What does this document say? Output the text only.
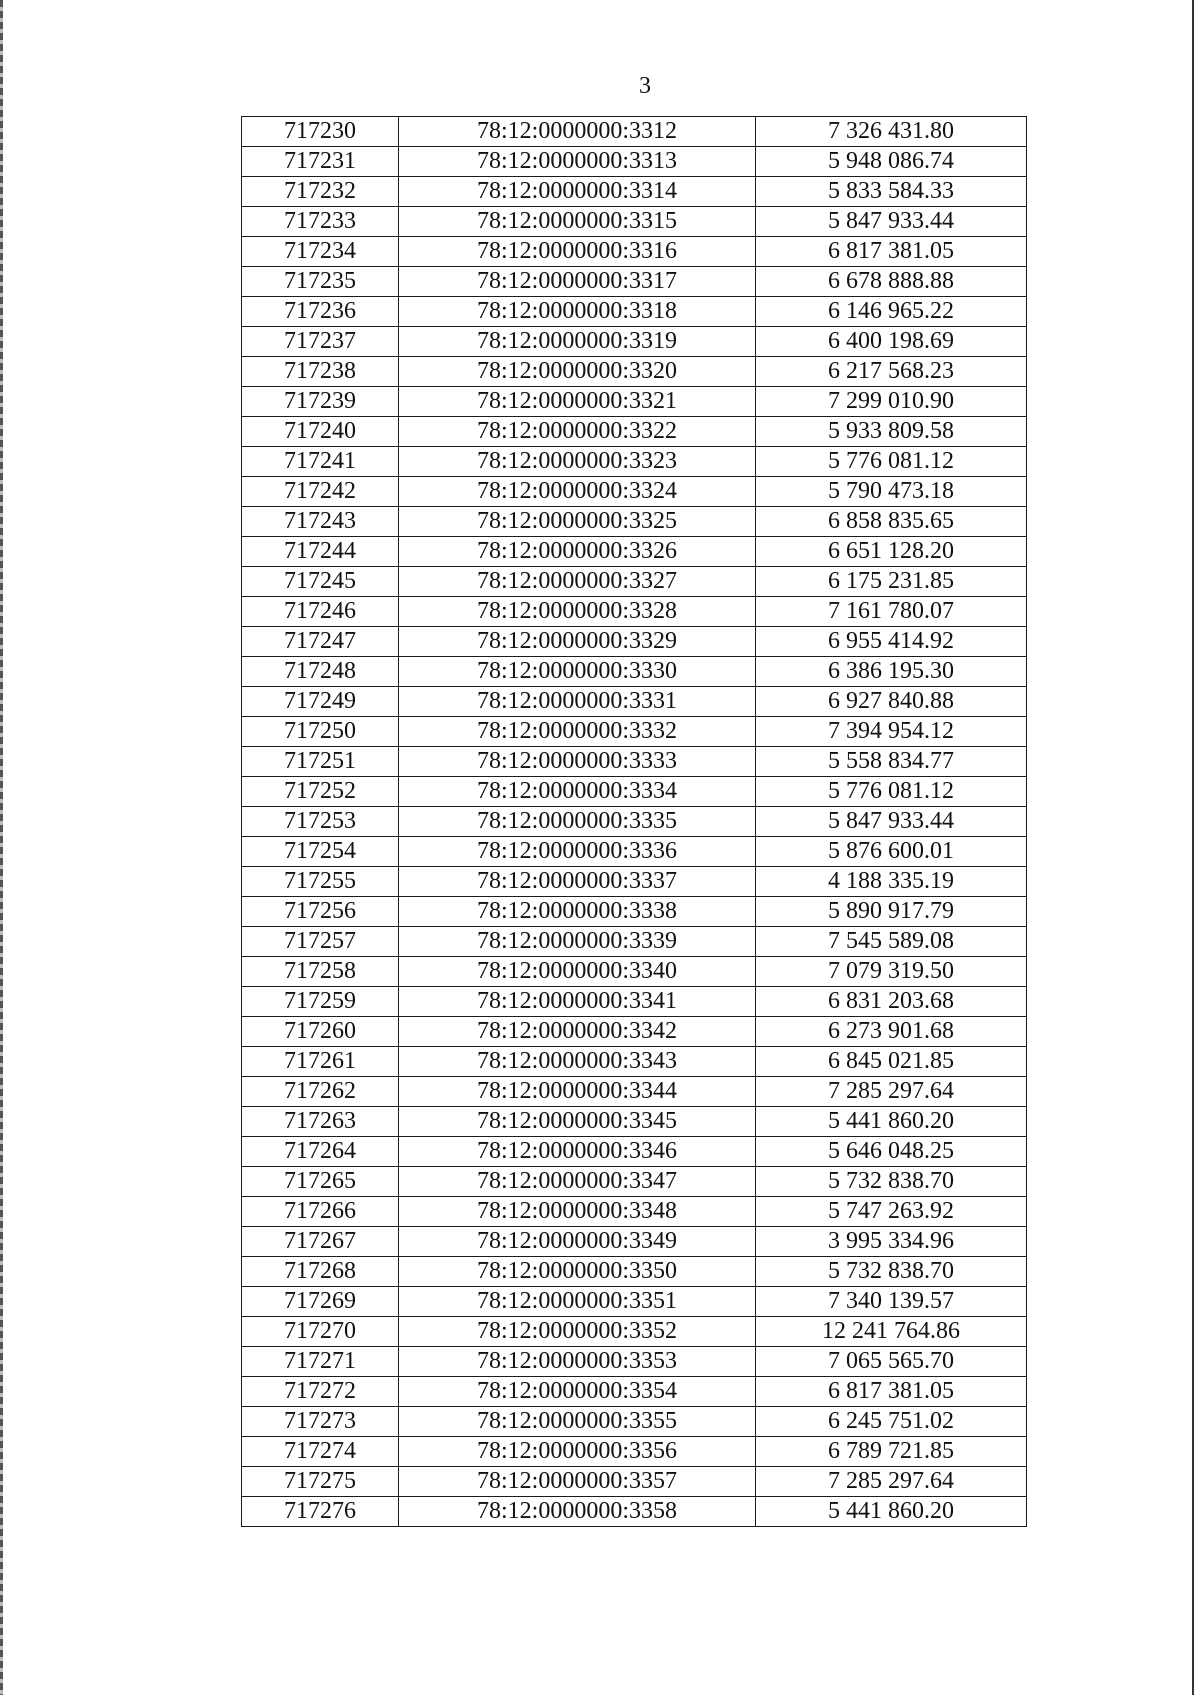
3
717230	78:12:0000000:3312	7 326 431.80
717231	78:12:0000000:3313	5 948 086.74
717232	78:12:0000000:3314	5 833 584.33
717233	78:12:0000000:3315	5 847 933.44
717234	78:12:0000000:3316	6 817 381.05
717235	78:12:0000000:3317	6 678 888.88
717236	78:12:0000000:3318	6 146 965.22
717237	78:12:0000000:3319	6 400 198.69
717238	78:12:0000000:3320	6 217 568.23
717239	78:12:0000000:3321	7 299 010.90
717240	78:12:0000000:3322	5 933 809.58
717241	78:12:0000000:3323	5 776 081.12
717242	78:12:0000000:3324	5 790 473.18
717243	78:12:0000000:3325	6 858 835.65
717244	78:12:0000000:3326	6 651 128.20
717245	78:12:0000000:3327	6 175 231.85
717246	78:12:0000000:3328	7 161 780.07
717247	78:12:0000000:3329	6 955 414.92
717248	78:12:0000000:3330	6 386 195.30
717249	78:12:0000000:3331	6 927 840.88
717250	78:12:0000000:3332	7 394 954.12
717251	78:12:0000000:3333	5 558 834.77
717252	78:12:0000000:3334	5 776 081.12
717253	78:12:0000000:3335	5 847 933.44
717254	78:12:0000000:3336	5 876 600.01
717255	78:12:0000000:3337	4 188 335.19
717256	78:12:0000000:3338	5 890 917.79
717257	78:12:0000000:3339	7 545 589.08
717258	78:12:0000000:3340	7 079 319.50
717259	78:12:0000000:3341	6 831 203.68
717260	78:12:0000000:3342	6 273 901.68
717261	78:12:0000000:3343	6 845 021.85
717262	78:12:0000000:3344	7 285 297.64
717263	78:12:0000000:3345	5 441 860.20
717264	78:12:0000000:3346	5 646 048.25
717265	78:12:0000000:3347	5 732 838.70
717266	78:12:0000000:3348	5 747 263.92
717267	78:12:0000000:3349	3 995 334.96
717268	78:12:0000000:3350	5 732 838.70
717269	78:12:0000000:3351	7 340 139.57
717270	78:12:0000000:3352	12 241 764.86
717271	78:12:0000000:3353	7 065 565.70
717272	78:12:0000000:3354	6 817 381.05
717273	78:12:0000000:3355	6 245 751.02
717274	78:12:0000000:3356	6 789 721.85
717275	78:12:0000000:3357	7 285 297.64
717276	78:12:0000000:3358	5 441 860.20
